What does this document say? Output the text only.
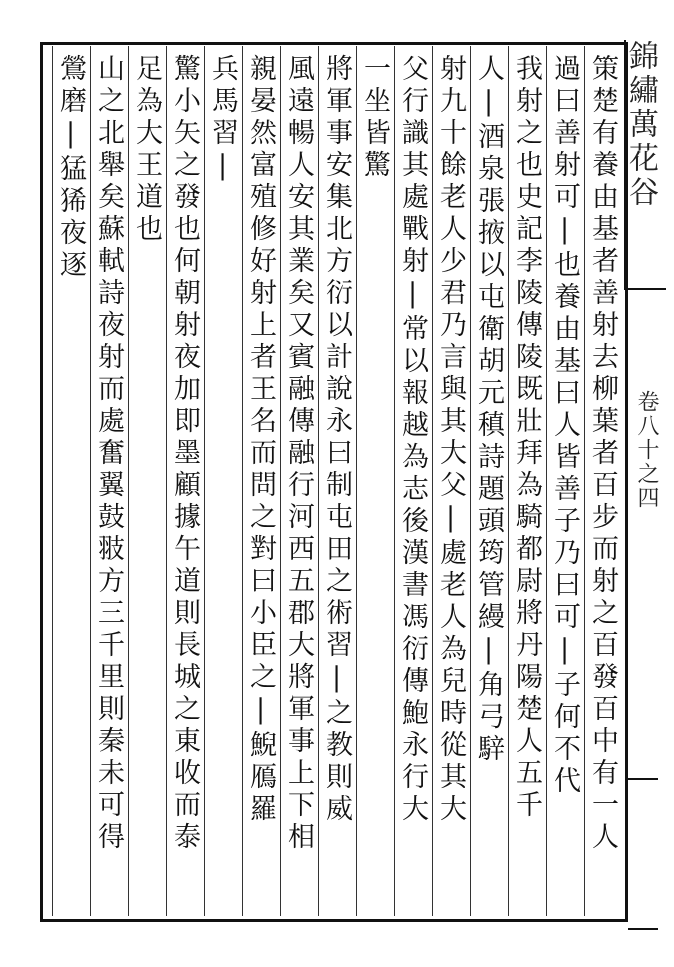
錦繡萬花谷
卷八十之四
策楚有養由基者善射去柳葉者百步而射之百發百中有一人
過曰善射可|也養由基曰人皆善子乃曰可|子何不代
我射之也史記李陵傳陵既壯拜為騎都尉將丹陽楚人五千
人|酒泉張掖以屯衛胡元稹詩題頭筠管縵|角弓騂
射九十餘老人少君乃言與其大父|處老人為兒時從其大
父行識其處戰射|常以報越為志後漢書馮衍傳鮑永行大
一坐皆驚
將軍事安集北方衍以計說永曰制屯田之術習|之教則威
風遠暢人安其業矣又賓融傳融行河西五郡大將軍事上下相
親晏然富殖修好射上者王名而問之對曰小臣之|鯢鴈羅
兵馬習|
驚小矢之發也何朝射夜加即墨顧據午道則長城之東收而泰
足為大王道也
山之北舉矣蘇軾詩夜射而處奮翼鼓翄方三千里則秦未可得
鶯磨|猛狶夜逐
